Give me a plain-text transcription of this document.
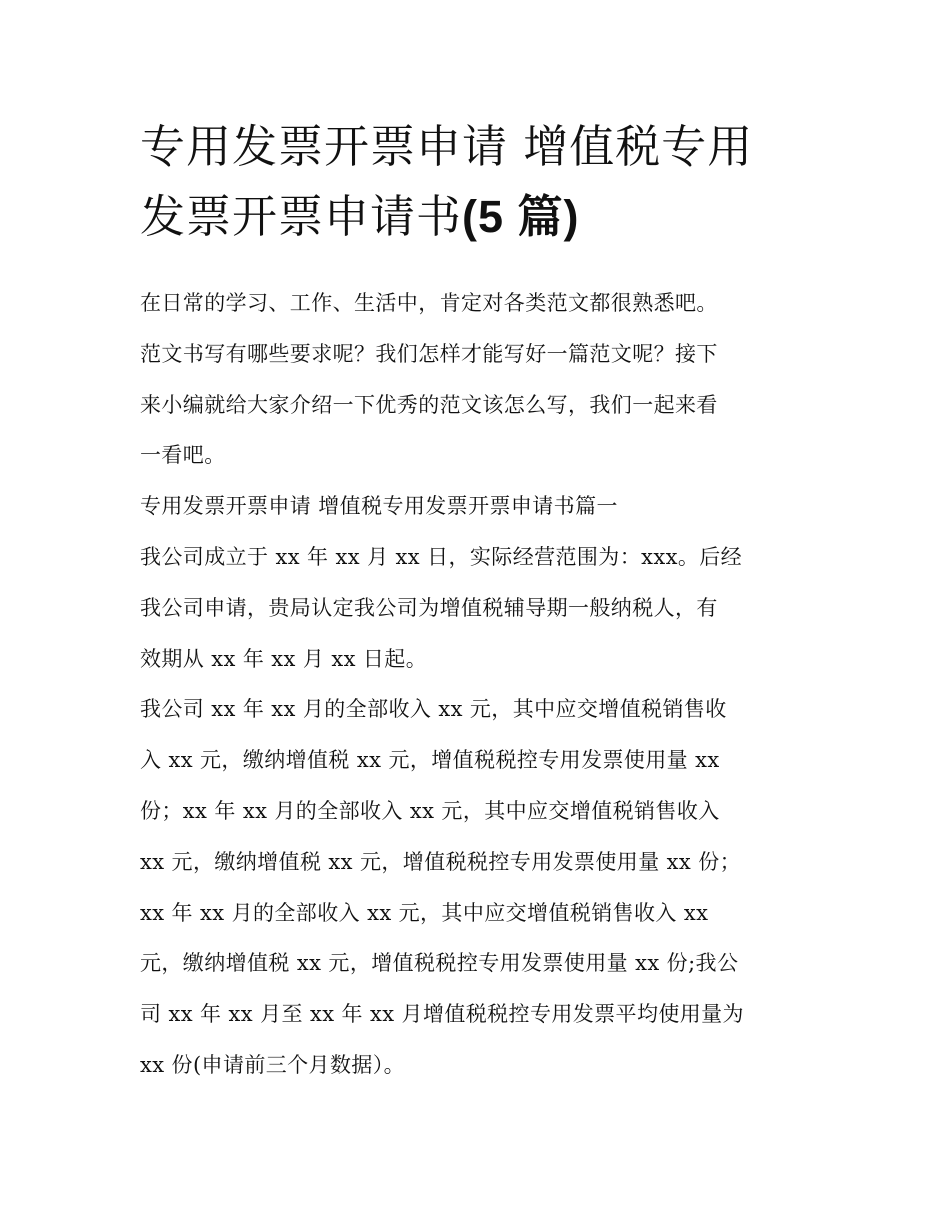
专用发票开票申请 增值税专用
发票开票申请书(5 篇)

在日常的学习、工作、生活中，肯定对各类范文都很熟悉吧。
范文书写有哪些要求呢？我们怎样才能写好一篇范文呢？接下
来小编就给大家介绍一下优秀的范文该怎么写，我们一起来看
一看吧。

专用发票开票申请 增值税专用发票开票申请书篇一

我公司成立于 xx 年 xx 月 xx 日，实际经营范围为：xxx。后经
我公司申请，贵局认定我公司为增值税辅导期一般纳税人，有
效期从 xx 年 xx 月 xx 日起。

我公司 xx 年 xx 月的全部收入 xx 元，其中应交增值税销售收
入 xx 元，缴纳增值税 xx 元，增值税税控专用发票使用量 xx
份；xx 年 xx 月的全部收入 xx 元，其中应交增值税销售收入
xx 元，缴纳增值税 xx 元，增值税税控专用发票使用量 xx 份；
xx 年 xx 月的全部收入 xx 元，其中应交增值税销售收入 xx
元，缴纳增值税 xx 元，增值税税控专用发票使用量 xx 份;我公
司 xx 年 xx 月至 xx 年 xx 月增值税税控专用发票平均使用量为
xx 份(申请前三个月数据）。
